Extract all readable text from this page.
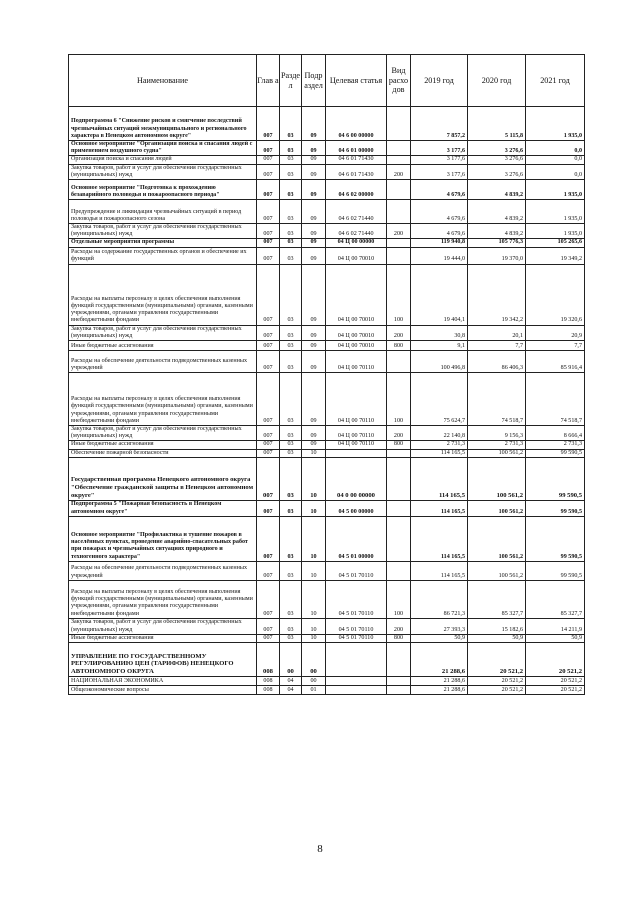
Наименование	Глав а	Разде л	Подр аздел	Целевая статья	Вид расхо дов	2019 год	2020 год	2021 год
Подпрограмма 6 "Снижение рисков и смягчение последствий чрезвычайных ситуаций межмуниципального и регионального характера в Ненецком автономном округе"	007	03	09	04 6 00 00000		7 857,2	5 115,8	1 935,0
Основное мероприятие "Организация поиска и спасания людей с применением воздушного судна"	007	03	09	04 6 01 00000		3 177,6	3 276,6	0,0
Организация поиска и спасания людей	007	03	09	04 6 01 71430		3 177,6	3 276,6	0,0
Закупка товаров, работ и услуг для обеспечения государственных (муниципальных) нужд	007	03	09	04 6 01 71430	200	3 177,6	3 276,6	0,0
Основное мероприятие "Подготовка к прохождению безаварийного половодья и пожароопасного периода"	007	03	09	04 6 02 00000		4 679,6	4 839,2	1 935,0
Предупреждение и ликвидация чрезвычайных ситуаций в период половодья и пожароопасного сезона	007	03	09	04 6 02 71440		4 679,6	4 839,2	1 935,0
Закупка товаров, работ и услуг для обеспечения государственных (муниципальных) нужд	007	03	09	04 6 02 71440	200	4 679,6	4 839,2	1 935,0
Отдельные мероприятия программы	007	03	09	04 Ц 00 00000		119 940,8	105 776,3	105 265,6
Расходы на содержание государственных органов и обеспечение их функций	007	03	09	04 Ц 00 70010		19 444,0	19 370,0	19 349,2
Расходы на выплаты персоналу в целях обеспечения выполнения функций государственными (муниципальными) органами, казенными учреждениями, органами управления государственными внебюджетными фондами	007	03	09	04 Ц 00 70010	100	19 404,1	19 342,2	19 320,6
Закупка товаров, работ и услуг для обеспечения государственных (муниципальных) нужд	007	03	09	04 Ц 00 70010	200	30,8	20,1	20,9
Иные бюджетные ассигнования	007	03	09	04 Ц 00 70010	800	9,1	7,7	7,7
Расходы на обеспечение деятельности подведомственных казенных учреждений	007	03	09	04 Ц 00 70110		100 496,8	86 406,3	85 916,4
Расходы на выплаты персоналу в целях обеспечения выполнения функций государственными (муниципальными) органами, казенными учреждениями, органами управления государственными внебюджетными фондами	007	03	09	04 Ц 00 70110	100	75 624,7	74 518,7	74 518,7
Закупка товаров, работ и услуг для обеспечения государственных (муниципальных) нужд	007	03	09	04 Ц 00 70110	200	22 140,8	9 156,3	8 666,4
Иные бюджетные ассигнования	007	03	09	04 Ц 00 70110	800	2 731,3	2 731,3	2 731,3
Обеспечение пожарной безопасности	007	03	10			114 165,5	100 561,2	99 590,5
Государственная программа Ненецкого автономного округа "Обеспечение гражданской защиты в Ненецком автономном округе"	007	03	10	04 0 00 00000		114 165,5	100 561,2	99 590,5
Подпрограмма 5 "Пожарная безопасность в Ненецком автономном округе"	007	03	10	04 5 00 00000		114 165,5	100 561,2	99 590,5
Основное мероприятие "Профилактика и тушение пожаров в населённых пунктах, проведение аварийно-спасательных работ при пожарах и чрезвычайных ситуациях природного и техногенного характера"	007	03	10	04 5 01 00000		114 165,5	100 561,2	99 590,5
Расходы на обеспечение деятельности подведомственных казенных учреждений	007	03	10	04 5 01 70110		114 165,5	100 561,2	99 590,5
Расходы на выплаты персоналу в целях обеспечения выполнения функций государственными (муниципальными) органами, казенными учреждениями, органами управления государственными внебюджетными фондами	007	03	10	04 5 01 70110	100	86 721,3	85 327,7	85 327,7
Закупка товаров, работ и услуг для обеспечения государственных (муниципальных) нужд	007	03	10	04 5 01 70110	200	27 393,3	15 182,6	14 211,9
Иные бюджетные ассигнования	007	03	10	04 5 01 70110	800	50,9	50,9	50,9
УПРАВЛЕНИЕ ПО ГОСУДАРСТВЕННОМУ РЕГУЛИРОВАНИЮ ЦЕН (ТАРИФОВ) НЕНЕЦКОГО АВТОНОМНОГО ОКРУГА	008	00	00			21 288,6	20 521,2	20 521,2
НАЦИОНАЛЬНАЯ ЭКОНОМИКА	008	04	00			21 288,6	20 521,2	20 521,2
Общеэкономические вопросы	008	04	01			21 288,6	20 521,2	20 521,2
8
